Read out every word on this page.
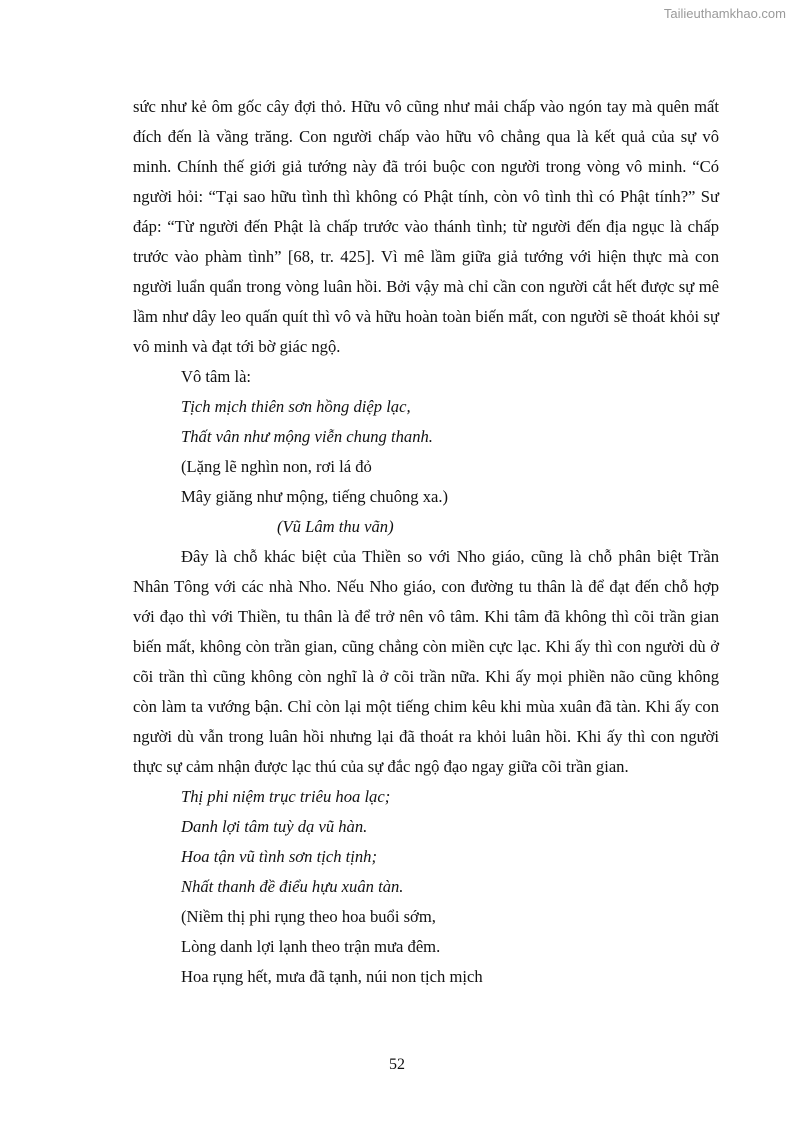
Tailieuthamkhao.com

sức như kẻ ôm gốc cây đợi thỏ. Hữu vô cũng như mải chấp vào ngón tay mà quên mất đích đến là vầng trăng. Con người chấp vào hữu vô chẳng qua là kết quả của sự vô minh. Chính thế giới giả tướng này đã trói buộc con người trong vòng vô minh. “Có người hỏi: “Tại sao hữu tình thì không có Phật tính, còn vô tình thì có Phật tính?” Sư đáp: “Từ người đến Phật là chấp trước vào thánh tình; từ người đến địa ngục là chấp trước vào phàm tình” [68, tr. 425]. Vì mê lầm giữa giả tướng với hiện thực mà con người luẩn quẩn trong vòng luân hồi. Bởi vậy mà chỉ cần con người cắt hết được sự mê lầm như dây leo quấn quít thì vô và hữu hoàn toàn biến mất, con người sẽ thoát khỏi sự vô minh và đạt tới bờ giác ngộ.

Vô tâm là:

Tịch mịch thiên sơn hồng diệp lạc,

Thất vân như mộng viễn chung thanh.

(Lặng lẽ nghìn non, rơi lá đỏ

Mây giăng như mộng, tiếng chuông xa.)

(Vũ Lâm thu vãn)

Đây là chỗ khác biệt của Thiền so với Nho giáo, cũng là chỗ phân biệt Trần Nhân Tông với các nhà Nho. Nếu Nho giáo, con đường tu thân là để đạt đến chỗ hợp với đạo thì với Thiền, tu thân là để trở nên vô tâm. Khi tâm đã không thì cõi trần gian biến mất, không còn trần gian, cũng chẳng còn miền cực lạc. Khi ấy thì con người dù ở cõi trần thì cũng không còn nghĩ là ở cõi trần nữa. Khi ấy mọi phiền não cũng không còn làm ta vướng bận. Chỉ còn lại một tiếng chim kêu khi mùa xuân đã tàn. Khi ấy con người dù vẫn trong luân hồi nhưng lại đã thoát ra khỏi luân hồi. Khi ấy thì con người thực sự cảm nhận được lạc thú của sự đắc ngộ đạo ngay giữa cõi trần gian.

Thị phi niệm trục triêu hoa lạc;

Danh lợi tâm tuỳ dạ vũ hàn.

Hoa tận vũ tình sơn tịch tịnh;

Nhất thanh đề điểu hựu xuân tàn.

(Niềm thị phi rụng theo hoa buổi sớm,

Lòng danh lợi lạnh theo trận mưa đêm.

Hoa rụng hết, mưa đã tạnh, núi non tịch mịch

52
